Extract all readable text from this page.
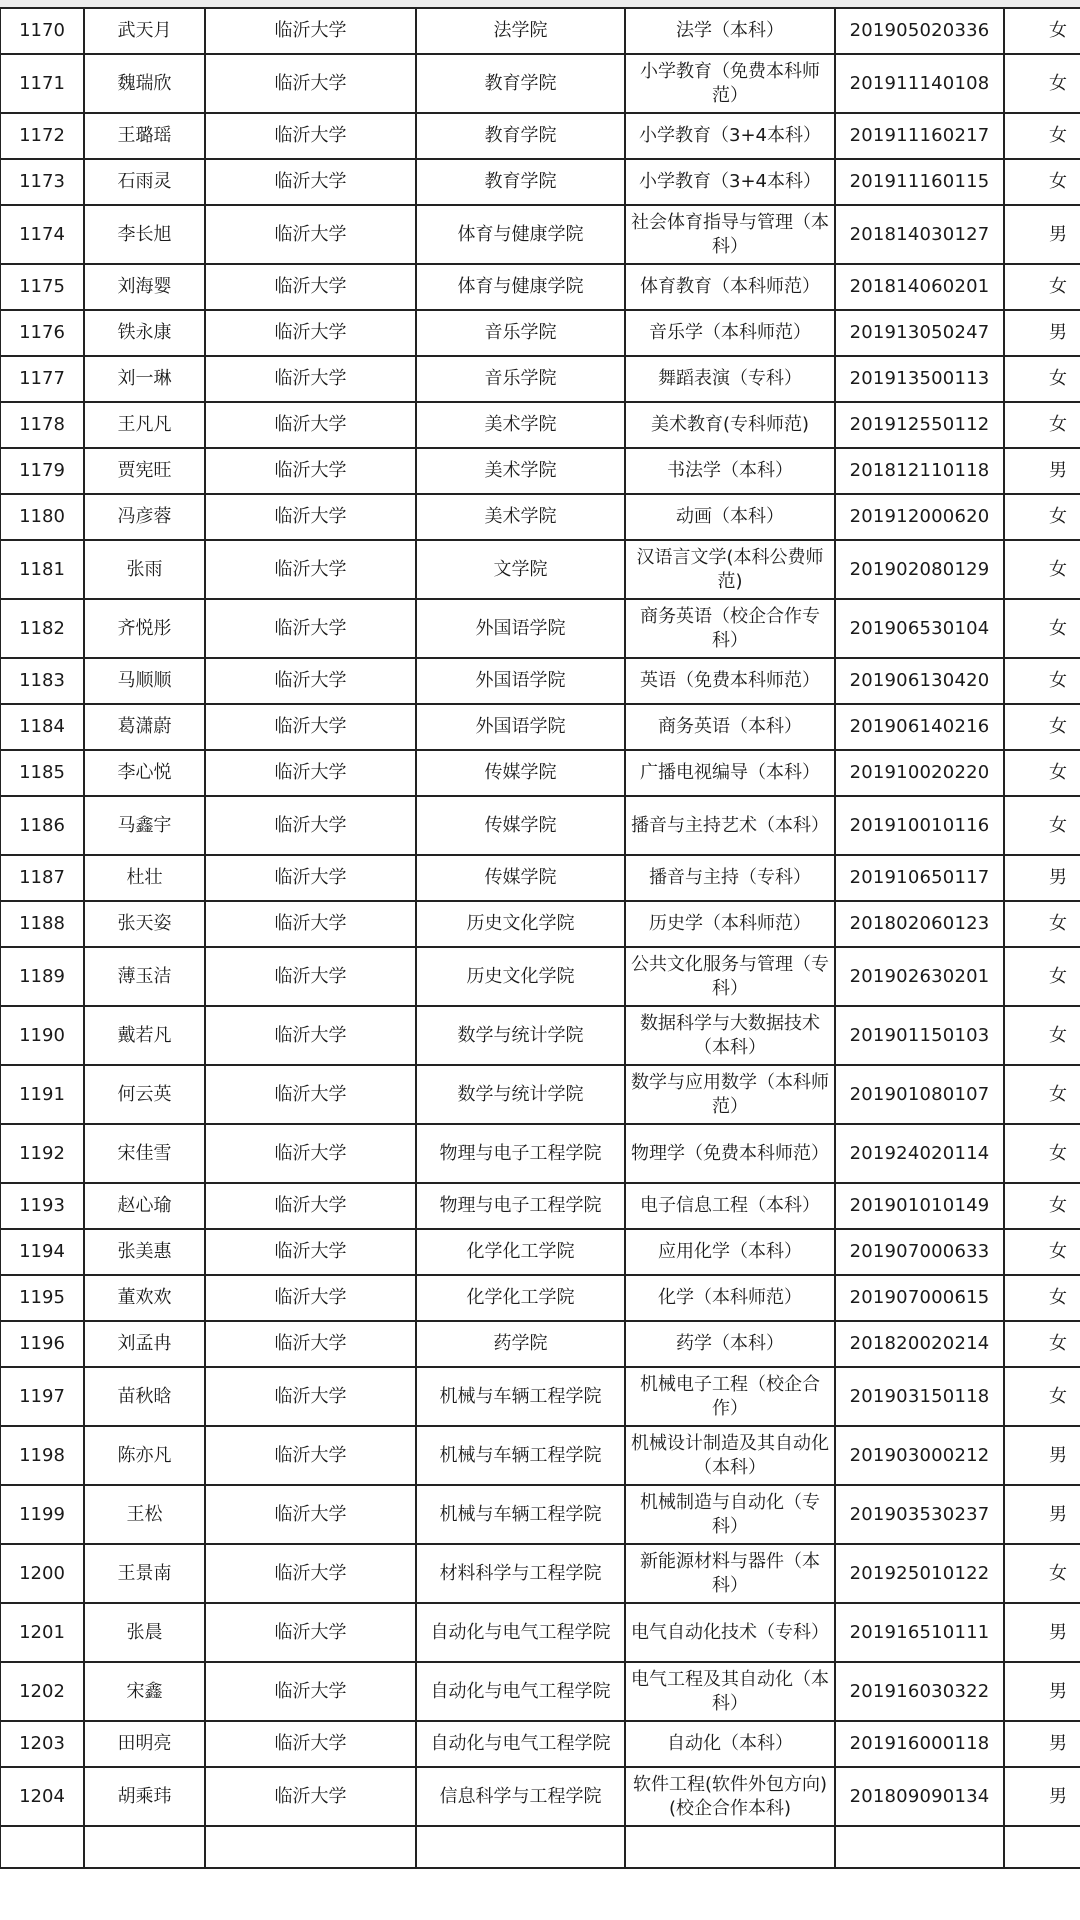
1170	武天月	临沂大学	法学院	法学（本科）	201905020336	女
1171	魏瑞欣	临沂大学	教育学院	小学教育（免费本科师范）	201911140108	女
1172	王璐瑶	临沂大学	教育学院	小学教育（3+4本科）	201911160217	女
1173	石雨灵	临沂大学	教育学院	小学教育（3+4本科）	201911160115	女
1174	李长旭	临沂大学	体育与健康学院	社会体育指导与管理（本科）	201814030127	男
1175	刘海婴	临沂大学	体育与健康学院	体育教育（本科师范）	201814060201	女
1176	铁永康	临沂大学	音乐学院	音乐学（本科师范）	201913050247	男
1177	刘一琳	临沂大学	音乐学院	舞蹈表演（专科）	201913500113	女
1178	王凡凡	临沂大学	美术学院	美术教育(专科师范)	201912550112	女
1179	贾宪旺	临沂大学	美术学院	书法学（本科）	201812110118	男
1180	冯彦蓉	临沂大学	美术学院	动画（本科）	201912000620	女
1181	张雨	临沂大学	文学院	汉语言文学(本科公费师范)	201902080129	女
1182	齐悦彤	临沂大学	外国语学院	商务英语（校企合作专科）	201906530104	女
1183	马顺顺	临沂大学	外国语学院	英语（免费本科师范）	201906130420	女
1184	葛潇蔚	临沂大学	外国语学院	商务英语（本科）	201906140216	女
1185	李心悦	临沂大学	传媒学院	广播电视编导（本科）	201910020220	女
1186	马鑫宇	临沂大学	传媒学院	播音与主持艺术（本科）	201910010116	女
1187	杜壮	临沂大学	传媒学院	播音与主持（专科）	201910650117	男
1188	张天姿	临沂大学	历史文化学院	历史学（本科师范）	201802060123	女
1189	薄玉洁	临沂大学	历史文化学院	公共文化服务与管理（专科）	201902630201	女
1190	戴若凡	临沂大学	数学与统计学院	数据科学与大数据技术（本科）	201901150103	女
1191	何云英	临沂大学	数学与统计学院	数学与应用数学（本科师范）	201901080107	女
1192	宋佳雪	临沂大学	物理与电子工程学院	物理学（免费本科师范）	201924020114	女
1193	赵心瑜	临沂大学	物理与电子工程学院	电子信息工程（本科）	201901010149	女
1194	张美惠	临沂大学	化学化工学院	应用化学（本科）	201907000633	女
1195	董欢欢	临沂大学	化学化工学院	化学（本科师范）	201907000615	女
1196	刘孟冉	临沂大学	药学院	药学（本科）	201820020214	女
1197	苗秋晗	临沂大学	机械与车辆工程学院	机械电子工程（校企合作）	201903150118	女
1198	陈亦凡	临沂大学	机械与车辆工程学院	机械设计制造及其自动化（本科）	201903000212	男
1199	王松	临沂大学	机械与车辆工程学院	机械制造与自动化（专科）	201903530237	男
1200	王景南	临沂大学	材料科学与工程学院	新能源材料与器件（本科）	201925010122	女
1201	张晨	临沂大学	自动化与电气工程学院	电气自动化技术（专科）	201916510111	男
1202	宋鑫	临沂大学	自动化与电气工程学院	电气工程及其自动化（本科）	201916030322	男
1203	田明亮	临沂大学	自动化与电气工程学院	自动化（本科）	201916000118	男
1204	胡乘玮	临沂大学	信息科学与工程学院	软件工程(软件外包方向)(校企合作本科)	201809090134	男
